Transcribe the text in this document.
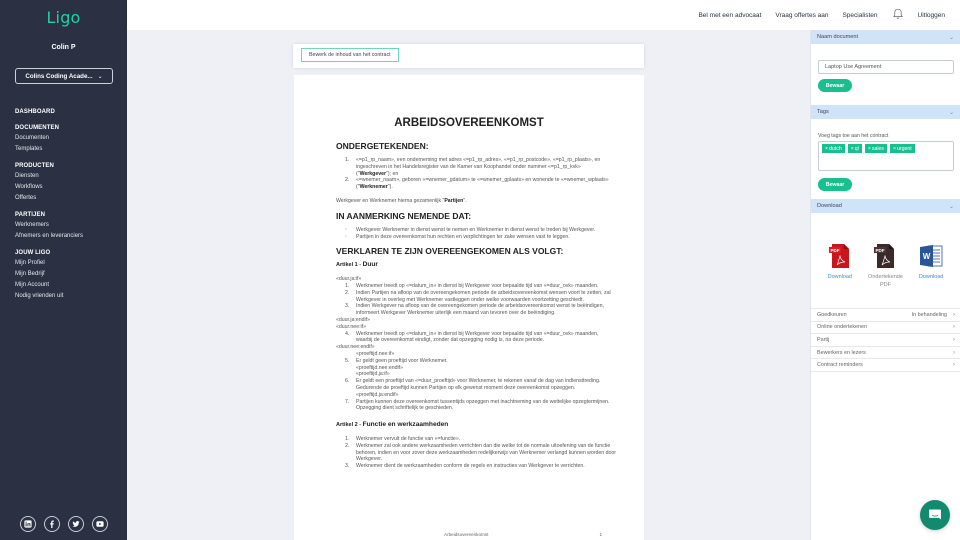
Ligo
Colin P
Colins Coding Acade... ⌄
DASHBOARD
DOCUMENTEN
Documenten
Templates
PRODUCTEN
Diensten
Workflows
Offertes
PARTIJEN
Werknemers
Afnemers en leveranciers
JOUW LIGO
Mijn Profiel
Mijn Bedrijf
Mijn Account
Nodig vrienden uit
Bel met een advocaat Vraag offertes aan Specialisten	Uitloggen
Bewerk de inhoud van het contract
ARBEIDSOVEREENKOMST
ONDERGETEKENDEN:
1.	«=p1_rp_naam», een onderneming met adres «=p1_rp_adres», «=p1_rp_postcode», «=p1_rp_plaats», en ingeschreven in het Handelsregister van de Kamer van Koophandel onder nummer «=p1_rp_kvk» ("Werkgever"); en
2.	«=wnemer_naam», geboren «=wnemer_gdatum» te «=wnemer_gplaats» en wonende te «=wnemer_wplaats» ("Werknemer").

Werkgever en Werknemer hierna gezamenlijk "Partijen".

IN AANMERKING NEMENDE DAT:
▫	Werkgever Werknemer in dienst wenst te nemen en Werknemer in dienst wenst te treden bij Werkgever.
▫	Partijen in deze overeenkomst hun rechten en verplichtingen ter zake wensen vast te leggen.
VERKLAREN TE ZIJN OVEREENGEKOMEN ALS VOLGT:
Artikel 1 - Duur
«duur.ja:if»
1.	Werknemer treedt op «=datum_in» in dienst bij Werkgever voor bepaalde tijd van «=duur_ovk» maanden.
2.	Indien Partijen na afloop van de overeengekomen periode de arbeidsovereenkomst wensen voort te zetten, zal Werkgever in overleg met Werknemer vastleggen onder welke voorwaarden voortzetting geschiedt.
3.	Indien Werkgever na afloop van de overeengekomen periode de arbeidsovereenkomst wenst te beëindigen, informeert Werkgever Werknemer uiterlijk een maand van tevoren over de beëindiging.
«duur.ja:endif»
«duur.nee:if»
4.	Werknemer treedt op «=datum_in» in dienst bij Werkgever voor bepaalde tijd van «=duur_ovk» maanden, waarbij de overeenkomst eindigt, zonder dat opzegging nodig is, na deze periode.
«duur.nee:endif»
«proeftijd.nee:if»
5.	Er geldt geen proeftijd voor Werknemer.
«proeftijd.nee:endif»
«proeftijd.ja:if»
6.	Er geldt een proeftijd van «=duur_proeftijd» voor Werknemer, te rekenen vanaf de dag van indiensttreding. Gedurende de proeftijd kunnen Partijen op elk gewenst moment deze overeenkomst opzeggen.
«proeftijd.ja:endif»
7.	Partijen kunnen deze overeenkomst tussentijds opzeggen met inachtneming van de wettelijke opzegtermijnen. Opzegging dient schriftelijk te geschieden.
Artikel 2 - Functie en werkzaamheden
1.	Werknemer vervult de functie van «=functie».
2.	Werknemer zal ook andere werkzaamheden verrichten dan die welke tot de normale uitoefening van de functie behoren, indien en voor zover deze werkzaamheden redelijkerwijs van Werknemer verlangd kunnen worden door Werkgever.
3.	Werknemer dient de werkzaamheden conform de regels en instructies van Werkgever te verrichten.
Arbeidsovereenkomst	1
Naam document	⌄
Laptop Use Agreement
Bewaar
Tags	⌄
Voeg tags toe aan het contract
× dutch × ql × sales × urgent
Bewaar
Download	⌄
PDF
Download
PDF
Ondertekende PDF
W
Download
Goedkeuren	In behandeling ›
Online ondertekenen	›
Partij	›
Bewerkers en lezers	›
Contract reminders	›
